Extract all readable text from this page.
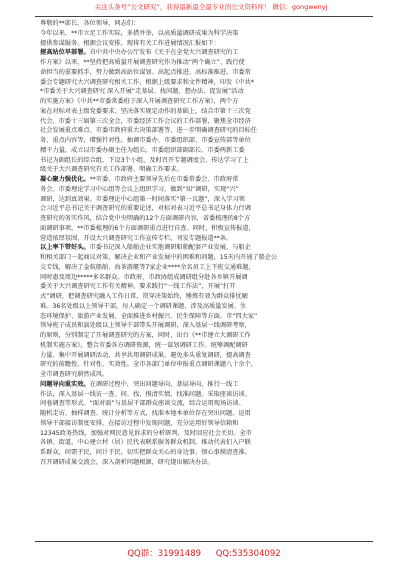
关注头条号“公文研究”，获得最新最全最专业的公文资料库！ 微信：gongwenyj
尊敬的**部长，各位领导，同志们：
今年以来，**市立足工作实际，多措并举，以高质量调研成果为科学决策
提供参谋服务。根据会议安排，现将有关工作进展情况汇报如下：
提高站位早部署。自中共中央办公厅发布《关于在全党大兴调查研究的工
作方案》以来，**坚持把高质量开展调查研究作为推动“两个确立”、践行使
命担当的重要抓手，努力做到高站位谋划、高起点推进、高标准推进。市委常
委会专题研究大兴调查研究相关工作，根据上级要求和文件精神，印发《中共*
*市委关于大兴调查研究 深入开展“走基层、找问题、想办法、促发展”活动
的实施方案》《中共**市委常委班子深入开展调查研究工作方案》，两个方
案在对标对表上级党委要求、坚决落实规定动作的基础上，结合市第十三次党
代会、市委十三届第三次全会，市委经济工作会议的工作部署，聚焦全市经济
社会发展重点难点、市委市政府重大决策部署等，进一步明确调查研究的目标任
务、重点内容等，增强针对性。抽调市委办、市委组织部、市委宣传部等单位
精干力量，成立以市委办副主任为组长，市委组织部副部长、市委两新工委
书记为副组长的综合组，下设3个小组，及时召开专题调度会，传达学习了上
级关于大兴调查研究有关工作部署，明确工作要求。
凝心聚力强优化。**市委、市政府主要领导先后在市委常委会、市政府常
务会、市委理论学习中心组等会议上组织学习，做到“知”调研，实现“兴”
调研，达到真效果。市委理论中心组第一时间落实“第一议题”，深入学习领
会习近平总书记关于调查研究的重要论述，对标对表习近平总书记身体力行调
查研究的务实作风，结合党中央明确的12个方面调研内容，省委梳理的8个方
面调研事项，**市委梳理的6个方面调研重点进行自查。同时，积极宣传报道，
营造浓厚氛围，开设大兴调查研究工作宣传专栏，刊发专题报道**条。
以上率下带好头。市委书记深入船舶企业实地调研船舶配套产业发展，与船企
和相关部门一起商议对策，解决企业和产业发展中的困难和问题，15天内开通了船企公
交专线，解决了金航船舶、海茶游艇等7家企业****余名员工上下班交通难题，
同时惠及周边*****多名群众。市政府、市政协组成调研组分赴各乡镇开展调
委关于大兴调查研究工作有关精神。要求践行“一线工作法”，开展“打开
式”调研，把调查研究融入工作日常，贯穿决策始终，锤炼有效为群众排忧解
难。36名处级以上领导干部，每人确定一个调研课题，涉及高质量发展、生
态环境保护、旅游产业发展、全面推进乡村振兴、民生保障等方面。市“四大家”
领导班子成员和县处级以上领导干部带头开展调研，深入基层一线调研考察，
的原则，分别制定了开展调查研究的方案，同时，出台《**市建立大调研工作
机制实施方案》，整合市委各方调研资源，统一谋划调研工作。统筹调配调研
力量、集中开展调研活动，共享共用调研成果，避免多头重复调研，提高调查
研究的前瞻性、针对性、实效性。全市各部门单位申报重点调研课题八十余个，
全市调查研究蔚然成风。
问题导向重实效。在调研过程中，突出问题导向，基层导向，推行一线工
作法，深入基层一线访一查、问、找、摸清实情，找准问题。采取座谈访谈、
问卷调查等形式。“面对面”与基层干部群众座谈交流，综合运用现场访谈、
随机走访、抽样调查、统计分析等方式，找准本地本单位存在突出问题。运用
领导干部接访制度安排，在接访过程中发现问题，充分运用好领导信箱和
12345政务热线，加强对网民意见诉求的分析研判，及时回应社会关切。全市
各镇、街道，中心建立村（居）民代表联系服务群众机制，推动代表们入户联
系群众，问需于民，问计于民，切实把群众关心的身边事、烦心事摸清查准。
召开调研成果交流会，深入剖析问题根源，研究提出解决办法。
QQ群：31991489 QQ:535304092
